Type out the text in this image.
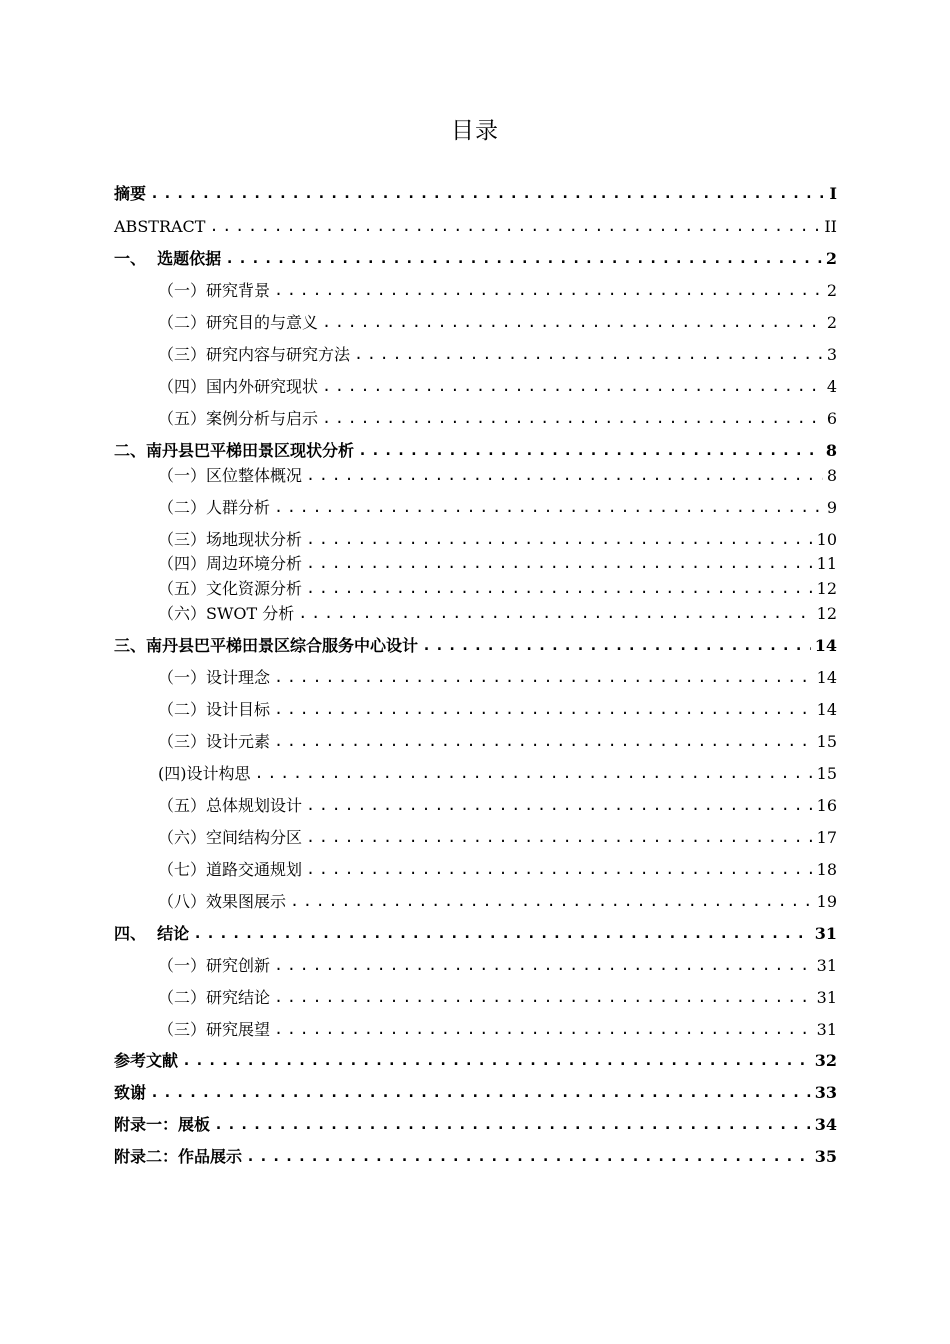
目录
摘要 .....	I
ABSTRACT .....	II
一、  选题依据 .....	2
（一）研究背景 .....	2
（二）研究目的与意义 .....	2
（三）研究内容与研究方法 .....	3
（四）国内外研究现状 .....	4
（五）案例分析与启示 .....	6
二、南丹县巴平梯田景区现状分析 .....	8
（一）区位整体概况 .....	8
（二）人群分析 .....	9
（三）场地现状分析 .....	10
（四）周边环境分析 .....	11
（五）文化资源分析 .....	12
（六）SWOT 分析 .....	12
三、南丹县巴平梯田景区综合服务中心设计 .....	14
（一）设计理念 .....	14
（二）设计目标 .....	14
（三）设计元素 .....	15
(四)设计构思 .....	15
（五）总体规划设计 .....	16
（六）空间结构分区 .....	17
（七）道路交通规划 .....	18
（八）效果图展示 .....	19
四、  结论 .....	31
（一）研究创新 .....	31
（二）研究结论 .....	31
（三）研究展望 .....	31
参考文献 .....	32
致谢 .....	33
附录一：展板 .....	34
附录二：作品展示 .....	35
